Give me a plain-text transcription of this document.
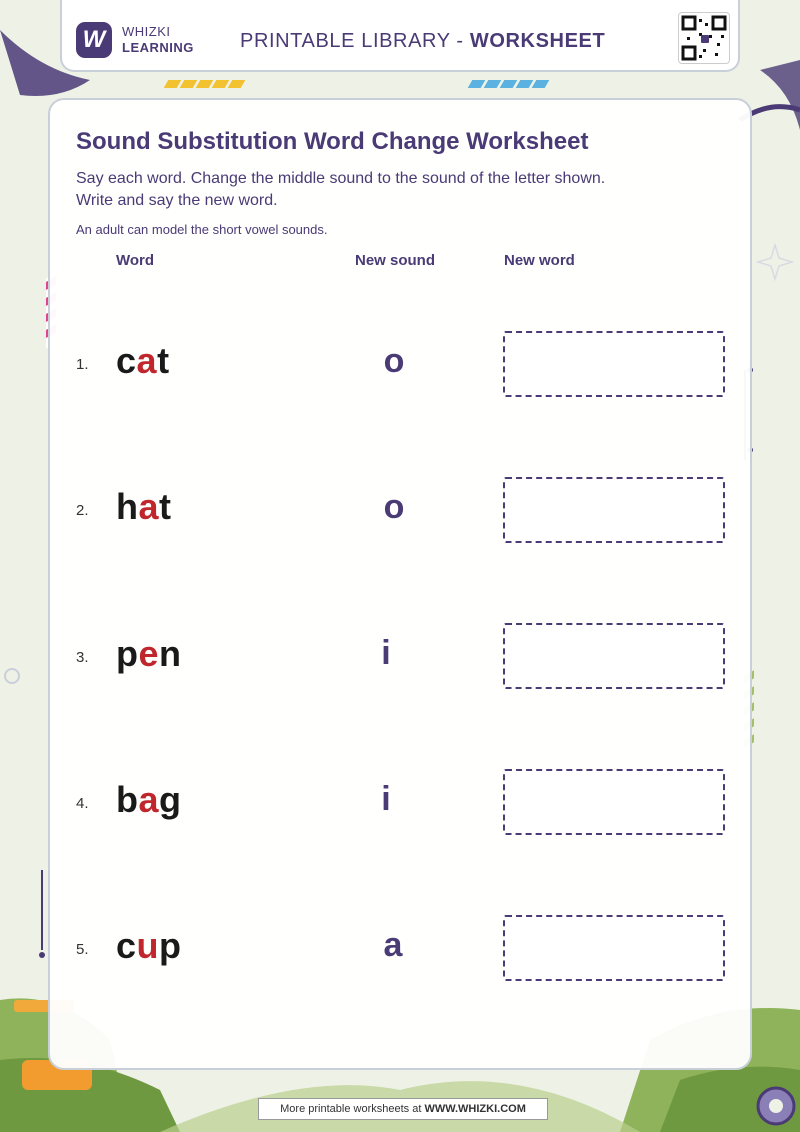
W	WHIZKI
LEARNING PRINTABLE LIBRARY - WORKSHEET
Sound Substitution Word Change Worksheet
Say each word. Change the middle sound to the sound of the letter shown.
Write and say the new word.
An adult can model the short vowel sounds.
Word	New sound	New word
1. cat	o
2. hat	o
3. pen	i
4. bag	i
5. cup	a
More printable worksheets at WWW.WHIZKI.COM
